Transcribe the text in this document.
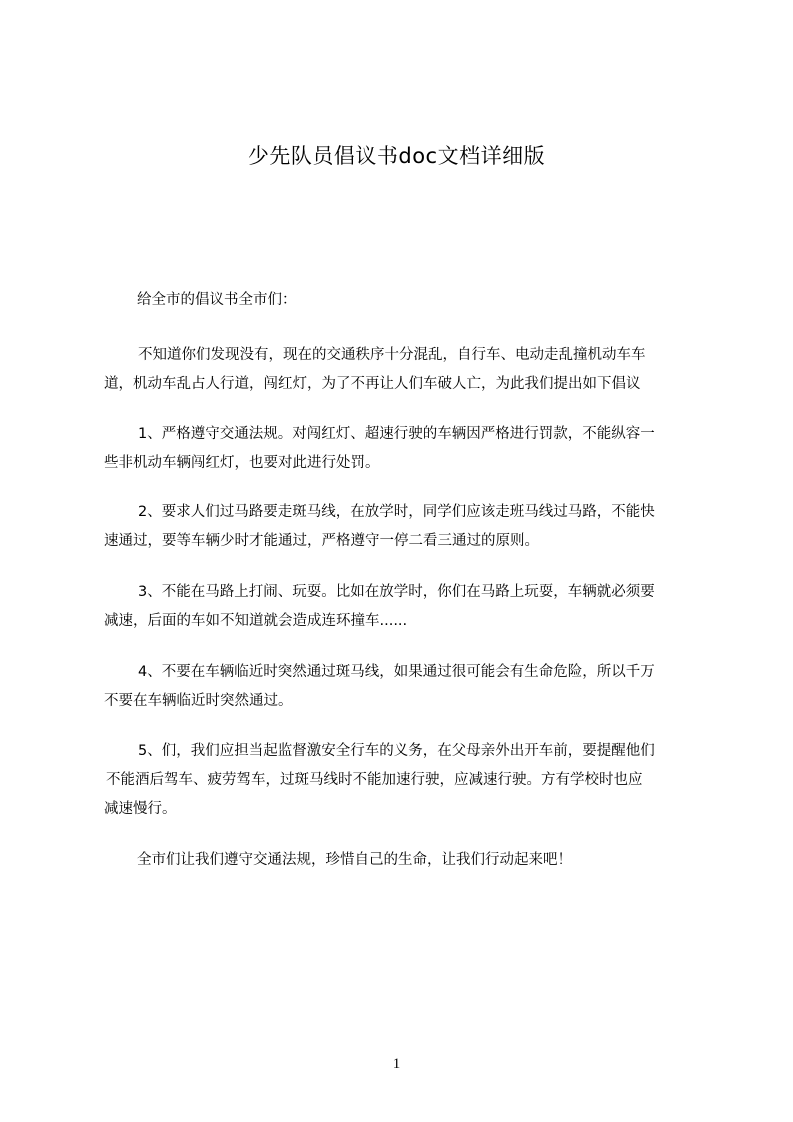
少先队员倡议书doc文档详细版

给全市的倡议书全市们：

不知道你们发现没有，现在的交通秩序十分混乱，自行车、电动走乱撞机动车车
道，机动车乱占人行道，闯红灯，为了不再让人们车破人亡，为此我们提出如下倡议

1、严格遵守交通法规。对闯红灯、超速行驶的车辆因严格进行罚款，不能纵容一
些非机动车辆闯红灯，也要对此进行处罚。

2、要求人们过马路要走斑马线，在放学时，同学们应该走班马线过马路，不能快
速通过，要等车辆少时才能通过，严格遵守一停二看三通过的原则。

3、不能在马路上打闹、玩耍。比如在放学时，你们在马路上玩耍，车辆就必须要
减速，后面的车如不知道就会造成连环撞车......

4、不要在车辆临近时突然通过斑马线，如果通过很可能会有生命危险，所以千万
不要在车辆临近时突然通过。

5、们，我们应担当起监督激安全行车的义务，在父母亲外出开车前，要提醒他们
不能酒后驾车、疲劳驾车，过斑马线时不能加速行驶，应减速行驶。方有学校时也应
减速慢行。

全市们让我们遵守交通法规，珍惜自己的生命，让我们行动起来吧！

1
